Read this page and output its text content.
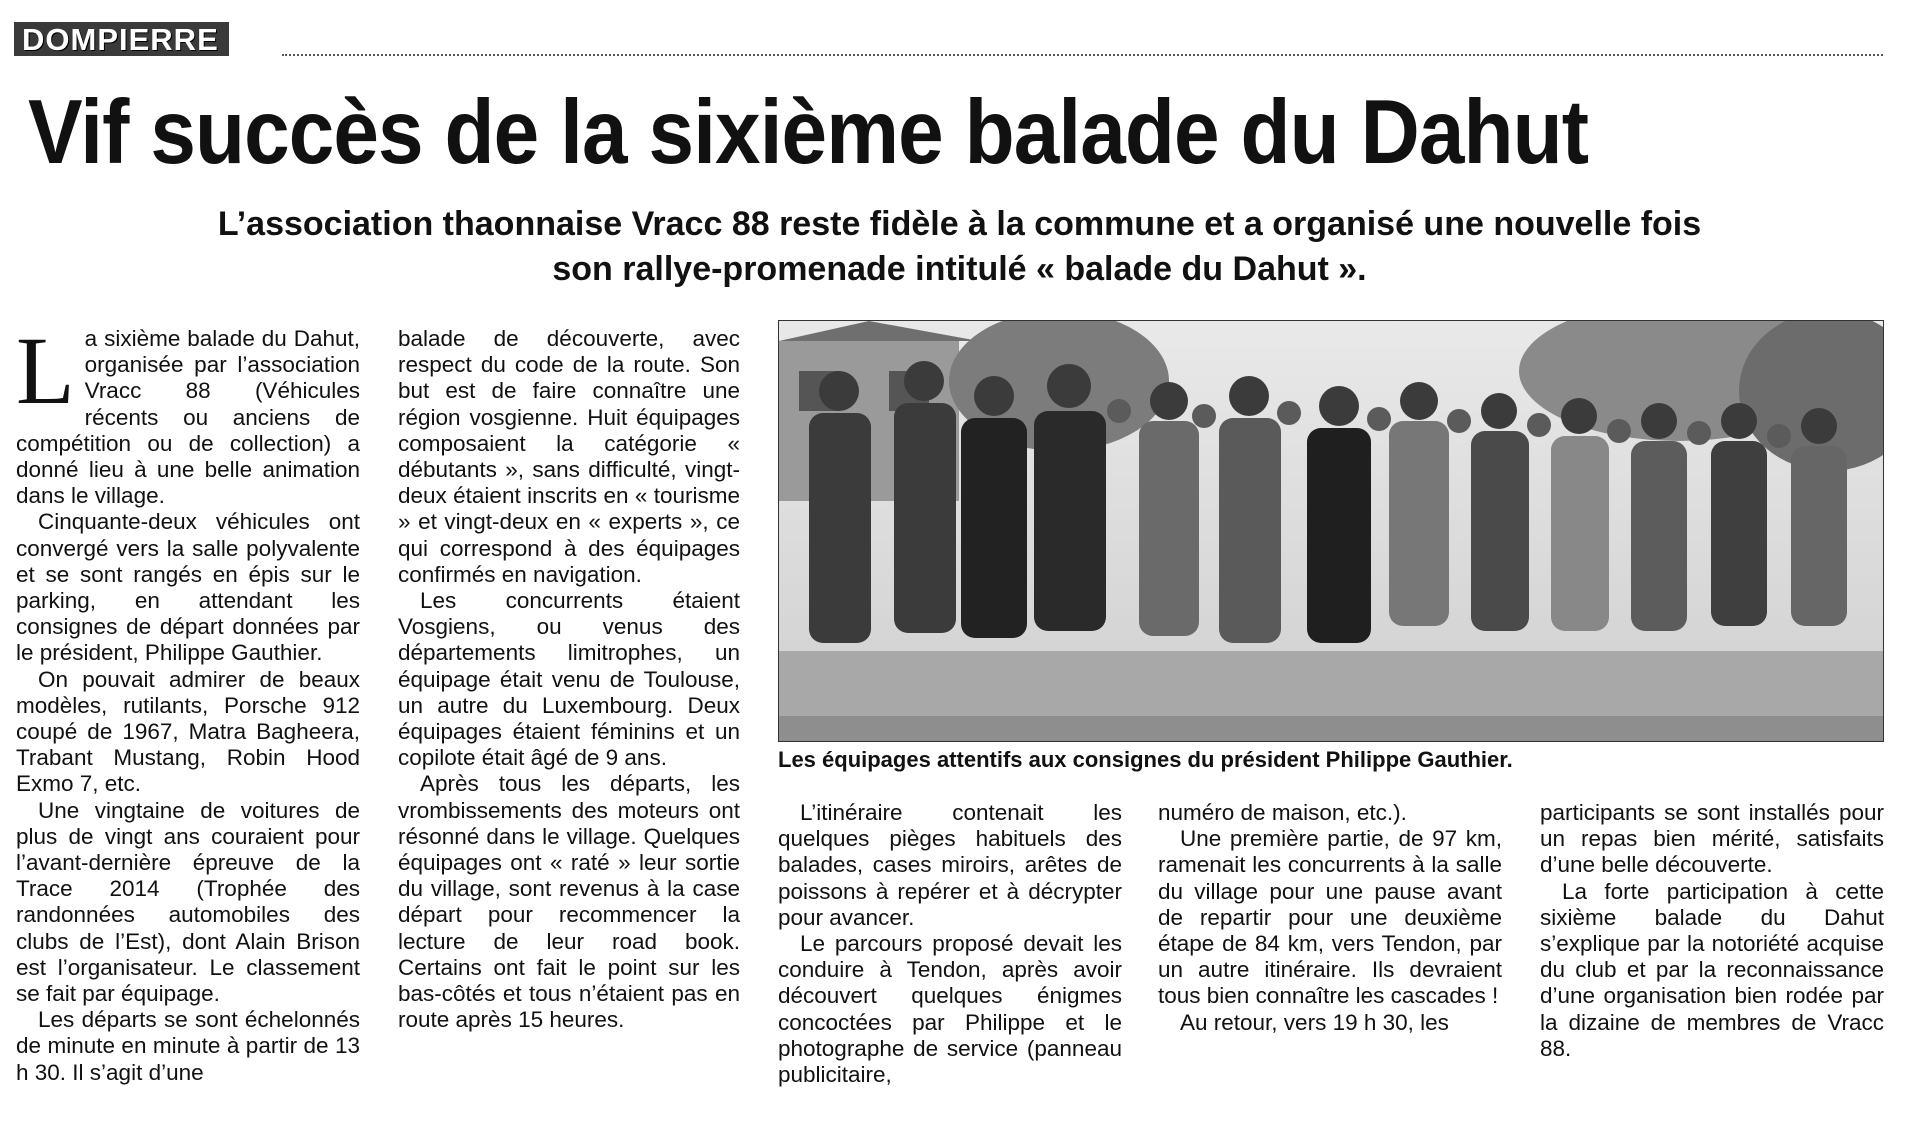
DOMPIERRE
Vif succès de la sixième balade du Dahut
L’association thaonnaise Vracc 88 reste fidèle à la commune et a organisé une nouvelle fois
son rallye-promenade intitulé « balade du Dahut ».

La sixième balade du Dahut, organisée par l’association Vracc 88 (Véhicules récents ou anciens de compétition ou de collection) a donné lieu à une belle animation dans le village.

Cinquante-deux véhicules ont convergé vers la salle polyvalente et se sont rangés en épis sur le parking, en attendant les consignes de départ données par le président, Philippe Gauthier.

On pouvait admirer de beaux modèles, rutilants, Porsche 912 coupé de 1967, Matra Bagheera, Trabant Mustang, Robin Hood Exmo 7, etc.

Une vingtaine de voitures de plus de vingt ans couraient pour l’avant-dernière épreuve de la Trace 2014 (Trophée des randonnées automobiles des clubs de l’Est), dont Alain Brison est l’organisateur. Le classement se fait par équipage.

Les départs se sont échelonnés de minute en minute à partir de 13 h 30. Il s’agit d’une

balade de découverte, avec respect du code de la route. Son but est de faire connaître une région vosgienne. Huit équipages composaient la catégorie « débutants », sans difficulté, vingt-deux étaient inscrits en « tourisme » et vingt-deux en « experts », ce qui correspond à des équipages confirmés en navigation.

Les concurrents étaient Vosgiens, ou venus des départements limitrophes, un équipage était venu de Toulouse, un autre du Luxembourg. Deux équipages étaient féminins et un copilote était âgé de 9 ans.

Après tous les départs, les vrombissements des moteurs ont résonné dans le village. Quelques équipages ont « raté » leur sortie du village, sont revenus à la case départ pour recommencer la lecture de leur road book. Certains ont fait le point sur les bas-côtés et tous n’étaient pas en route après 15 heures.

Les équipages attentifs aux consignes du président Philippe Gauthier.

L’itinéraire contenait les quelques pièges habituels des balades, cases miroirs, arêtes de poissons à repérer et à décrypter pour avancer.

Le parcours proposé devait les conduire à Tendon, après avoir découvert quelques énigmes concoctées par Philippe et le photographe de service (panneau publicitaire,

numéro de maison, etc.).

Une première partie, de 97 km, ramenait les concurrents à la salle du village pour une pause avant de repartir pour une deuxième étape de 84 km, vers Tendon, par un autre itinéraire. Ils devraient tous bien connaître les cascades !

Au retour, vers 19 h 30, les

participants se sont installés pour un repas bien mérité, satisfaits d’une belle découverte.

La forte participation à cette sixième balade du Dahut s’explique par la notoriété acquise du club et par la reconnaissance d’une organisation bien rodée par la dizaine de membres de Vracc 88.
